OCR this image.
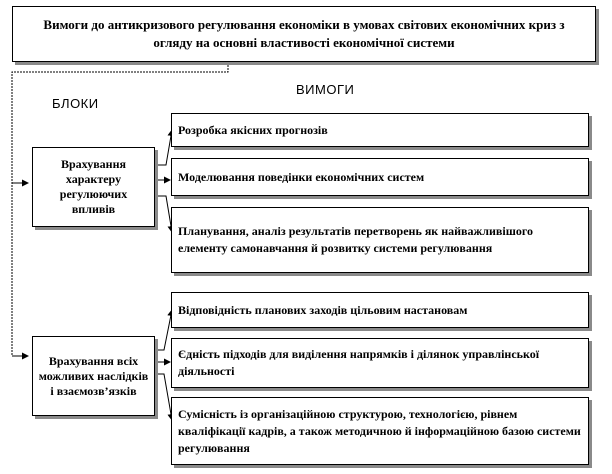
Вимоги до антикризового регулювання економіки в умовах світових економічних криз з огляду на основні властивості економічної системи
БЛОКИ
ВИМОГИ
Врахування характеру регулюючих впливів
Врахування всіх можливих наслідків і взаємозв’язків
Розробка якісних прогнозів
Моделювання поведінки економічних систем
Планування, аналіз результатів перетворень як найважливішого елементу самонавчання й розвитку системи регулювання
Відповідність планових заходів цільовим настановам
Єдність підходів для виділення напрямків і ділянок управлінської діяльності
Сумісність із організаційною структурою, технологією, рівнем кваліфікації кадрів, а також методичною й інформаційною базою системи регулювання
